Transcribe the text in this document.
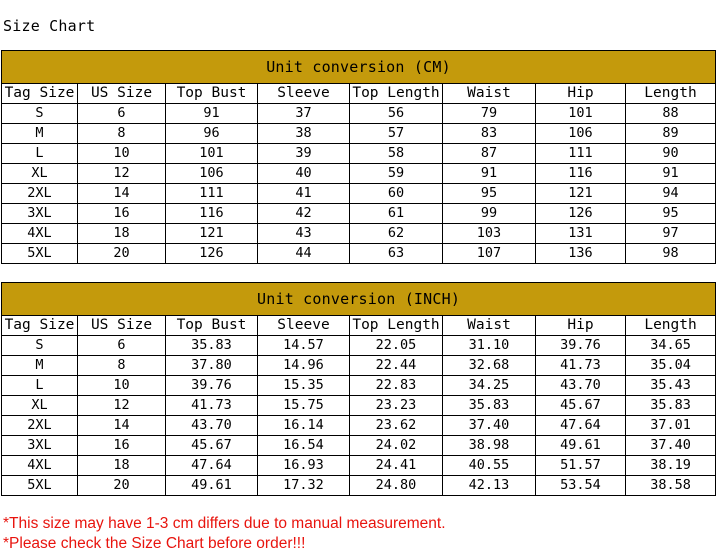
Size Chart
Unit conversion (CM)							
Tag Size	US Size	Top Bust	Sleeve	Top Length	Waist	Hip	Length
S	6	91	37	56	79	101	88
M	8	96	38	57	83	106	89
L	10	101	39	58	87	111	90
XL	12	106	40	59	91	116	91
2XL	14	111	41	60	95	121	94
3XL	16	116	42	61	99	126	95
4XL	18	121	43	62	103	131	97
5XL	20	126	44	63	107	136	98
Unit conversion (INCH)							
Tag Size	US Size	Top Bust	Sleeve	Top Length	Waist	Hip	Length
S	6	35.83	14.57	22.05	31.10	39.76	34.65
M	8	37.80	14.96	22.44	32.68	41.73	35.04
L	10	39.76	15.35	22.83	34.25	43.70	35.43
XL	12	41.73	15.75	23.23	35.83	45.67	35.83
2XL	14	43.70	16.14	23.62	37.40	47.64	37.01
3XL	16	45.67	16.54	24.02	38.98	49.61	37.40
4XL	18	47.64	16.93	24.41	40.55	51.57	38.19
5XL	20	49.61	17.32	24.80	42.13	53.54	38.58
*This size may have 1-3 cm differs due to manual measurement.
*Please check the Size Chart before order!!!
